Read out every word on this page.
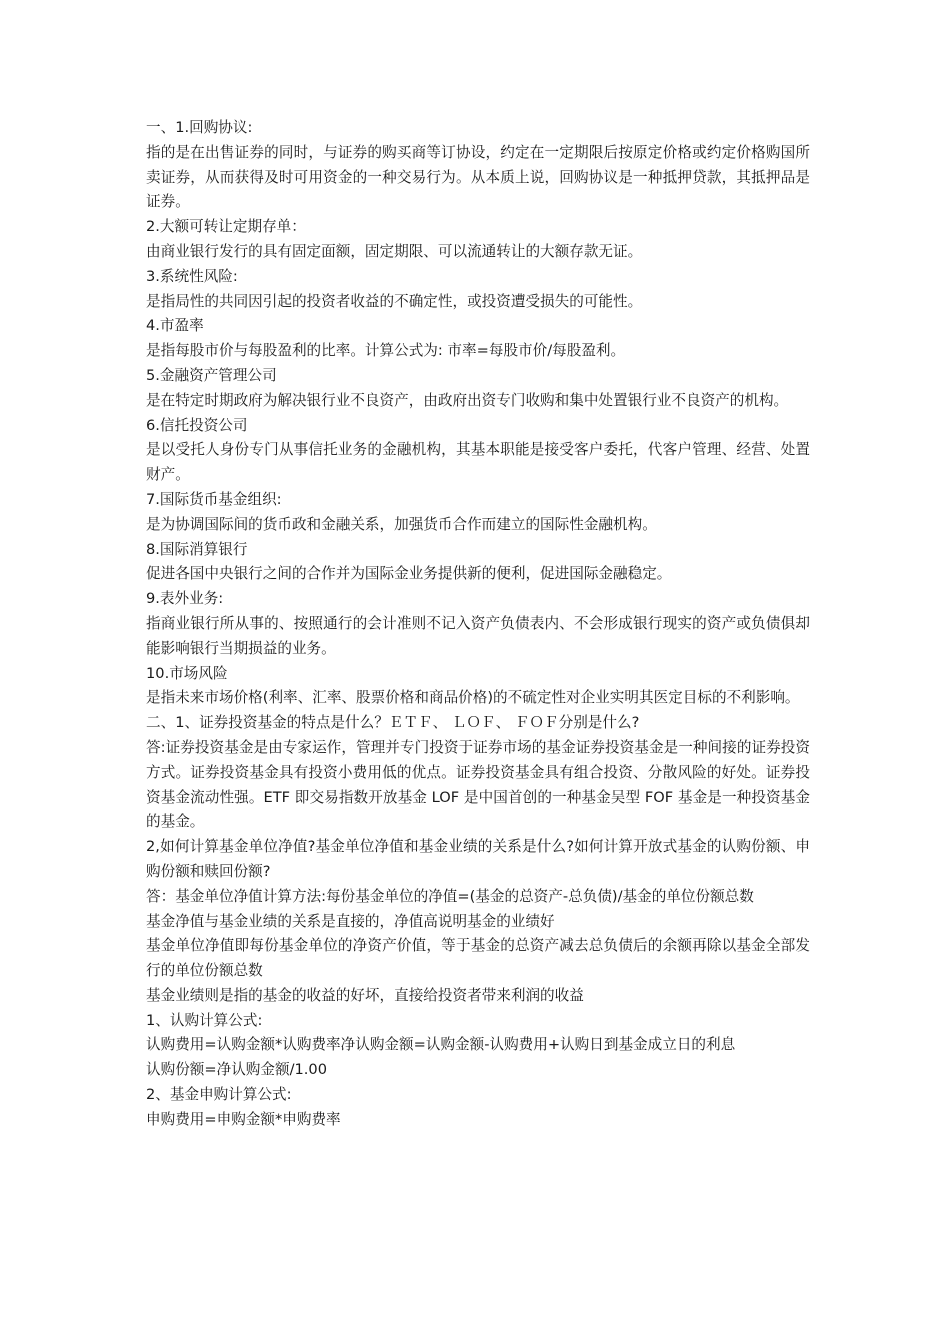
一、1.回购协议:

指的是在出售证券的同时，与证券的购买商等订协设，约定在一定期限后按原定价格或约定价格购国所卖证券，从而获得及时可用资金的一种交易行为。从本质上说，回购协议是一种抵押贷款，其抵押品是证券。

2.大额可转让定期存单：

由商业银行发行的具有固定面额，固定期限、可以流通转让的大额存款无证。

3.系统性风险:

是指局性的共同因引起的投资者收益的不确定性，或投资遭受损失的可能性。

4.市盈率

是指每股市价与每股盈利的比率。计算公式为: 市率=每股市价/每股盈利。

5.金融资产管理公司

是在特定时期政府为解决银行业不良资产，由政府出资专门收购和集中处置银行业不良资产的机构。

6.信托投资公司

是以受托人身份专门从事信托业务的金融机构，其基本职能是接受客户委托，代客户管理、经营、处置财产。

7.国际货币基金组织:

是为协调国际间的货币政和金融关系，加强货币合作而建立的国际性金融机构。

8.国际消算银行

促进各国中央银行之间的合作并为国际金业务提供新的便利，促进国际金融稳定。

9.表外业务:

指商业银行所从事的、按照通行的会计准则不记入资产负债表内、不会形成银行现实的资产或负债俱却能影响银行当期损益的业务。

10.市场风险

是指未来市场价格(利率、汇率、股票价格和商品价格)的不硫定性对企业实明其医定目标的不利影响。

二、1、证券投资基金的特点是什么？ＥＴＦ、 ＬＯＦ、 ＦＯＦ分别是什么?

答:证券投资基金是由专家运作，管理并专门投资于证券市场的基金证券投资基金是一种间接的证券投资方式。证券投资基金具有投资小费用低的优点。证券投资基金具有组合投资、分散风险的好处。证券投资基金流动性强。ETF 即交易指数开放基金 LOF 是中国首创的一种基金吴型 FOF 基金是一种投资基金的基金。

2,如何计算基金单位净值?基金单位净值和基金业绩的关系是什么?如何计算开放式基金的认购份额、申购份额和赎回份额?

答：基金单位净值计算方法:每份基金单位的净值=(基金的总资产-总负债)/基金的单位份额总数

基金净值与基金业绩的关系是直接的，净值高说明基金的业绩好

基金单位净值即每份基金单位的净资产价值，等于基金的总资产减去总负债后的余额再除以基金全部发行的单位份额总数

基金业绩则是指的基金的收益的好坏，直接给投资者带来利润的收益

1、认购计算公式:

认购费用=认购金额*认购费率净认购金额=认购金额-认购费用+认购日到基金成立日的利息

认购份额=净认购金额/1.00

2、基金申购计算公式:

申购费用=申购金额*申购费率
